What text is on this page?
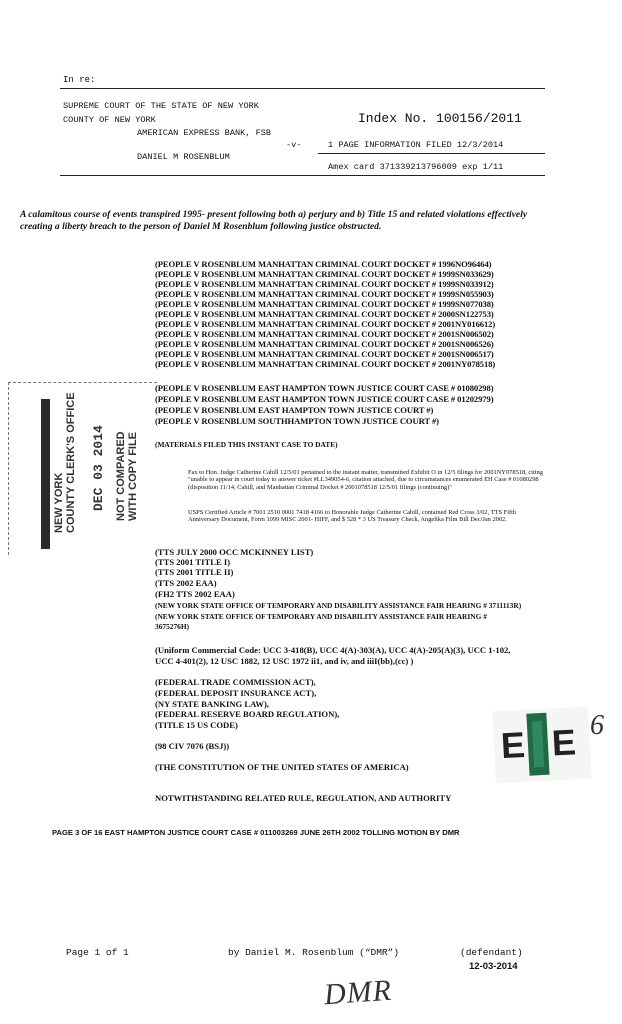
In re:
SUPREME COURT OF THE STATE OF NEW YORK
COUNTY OF NEW YORK
AMERICAN EXPRESS BANK, FSB
-v-
DANIEL M ROSENBLUM
Index No. 100156/2011
1 PAGE INFORMATION FILED 12/3/2014
Amex card 371339213796009 exp 1/11
A calamitous course of events transpired 1995- present following both a) perjury and b) Title 15 and related violations effectively creating a liberty breach to the person of Daniel M Rosenblum following justice obstructed.
(PEOPLE V ROSENBLUM MANHATTAN CRIMINAL COURT DOCKET # 1996NO96464)
(PEOPLE V ROSENBLUM MANHATTAN CRIMINAL COURT DOCKET # 1999SN033629)
(PEOPLE V ROSENBLUM MANHATTAN CRIMINAL COURT DOCKET # 1999SN033912)
(PEOPLE V ROSENBLUM MANHATTAN CRIMINAL COURT DOCKET # 1999SN055903)
(PEOPLE V ROSENBLUM MANHATTAN CRIMINAL COURT DOCKET # 1999SN077038)
(PEOPLE V ROSENBLUM MANHATTAN CRIMINAL COURT DOCKET # 2000SN122753)
(PEOPLE V ROSENBLUM MANHATTAN CRIMINAL COURT DOCKET # 2001NY016612)
(PEOPLE V ROSENBLUM MANHATTAN CRIMINAL COURT DOCKET # 2001SN006502)
(PEOPLE V ROSENBLUM MANHATTAN CRIMINAL COURT DOCKET # 2001SN006526)
(PEOPLE V ROSENBLUM MANHATTAN CRIMINAL COURT DOCKET # 2001SN006517)
(PEOPLE V ROSENBLUM MANHATTAN CRIMINAL COURT DOCKET # 2001NY078518)
(PEOPLE V ROSENBLUM EAST HAMPTON TOWN JUSTICE COURT CASE # 01080298)
(PEOPLE V ROSENBLUM EAST HAMPTON TOWN JUSTICE COURT CASE # 01202979)
(PEOPLE V ROSENBLUM EAST HAMPTON TOWN JUSTICE COURT #)
(PEOPLE V ROSENBLUM SOUTHHAMPTON TOWN JUSTICE COURT #)
NEW YORK COUNTY CLERK'S OFFICE DEC 03 2014 NOT COMPARED WITH COPY FILE (MATERIALS FILED THIS INSTANT CASE TO DATE)
Fax to Hon. Judge Catherine Cahill 12/5/01 pertained to the instant matter, transmitted Exhibit O in 12/5 filings for 2001NY078518, citing "unable to appear in court today to answer ticket #LL349054-6, citation attached, due to circumstances enumerated EH Case # 01080298 (disposition 11/14, Cahill, and Manhattan Criminal Docket # 2001078518 12/5/01 filings (continuing)"
USPS Certified Article # 7001 2510 0001 7418 4166 to Honorable Judge Catherine Cahill, contained Red Cross 3/02, TTS Fifth Anniversary Document, Form 1099 MISC 2001- HIFF, and $ 528 * 3 US Treasury Check, Angelika Film Bill Dec/Jan 2002.
(TTS JULY 2000 OCC MCKINNEY LIST)
(TTS 2001 TITLE I)
(TTS 2001 TITLE II)
(TTS 2002 EAA)
(FH2 TTS 2002 EAA)
(NEW YORK STATE OFFICE OF TEMPORARY AND DISABILITY ASSISTANCE FAIR HEARING # 3711113R)
(NEW YORK STATE OFFICE OF TEMPORARY AND DISABILITY ASSISTANCE FAIR HEARING #
3675276H)
(Uniform Commercial Code: UCC 3-418(B), UCC 4(A)-303(A), UCC 4(A)-205(A)(3), UCC 1-102,
UCC 4-401(2), 12 USC 1882, 12 USC 1972 ii1, and iv, and iiiI(bb),(cc) )
(FEDERAL TRADE COMMISSION ACT),
(FEDERAL DEPOSIT INSURANCE ACT),
(NY STATE BANKING LAW),
(FEDERAL RESERVE BOARD REGULATION),
(TITLE 15 US CODE)
(98 CIV 7076 (BSJ))
(THE CONSTITUTION OF THE UNITED STATES OF AMERICA)
NOTWITHSTANDING RELATED RULE, REGULATION, AND AUTHORITY
E E 6
PAGE 3 OF 16 EAST HAMPTON JUSTICE COURT CASE # 011003269 JUNE 26TH 2002 TOLLING MOTION BY DMR
Page 1 of 1	by Daniel M. Rosenblum (“DMR”)	(defendant)
12-03-2014
DMR
